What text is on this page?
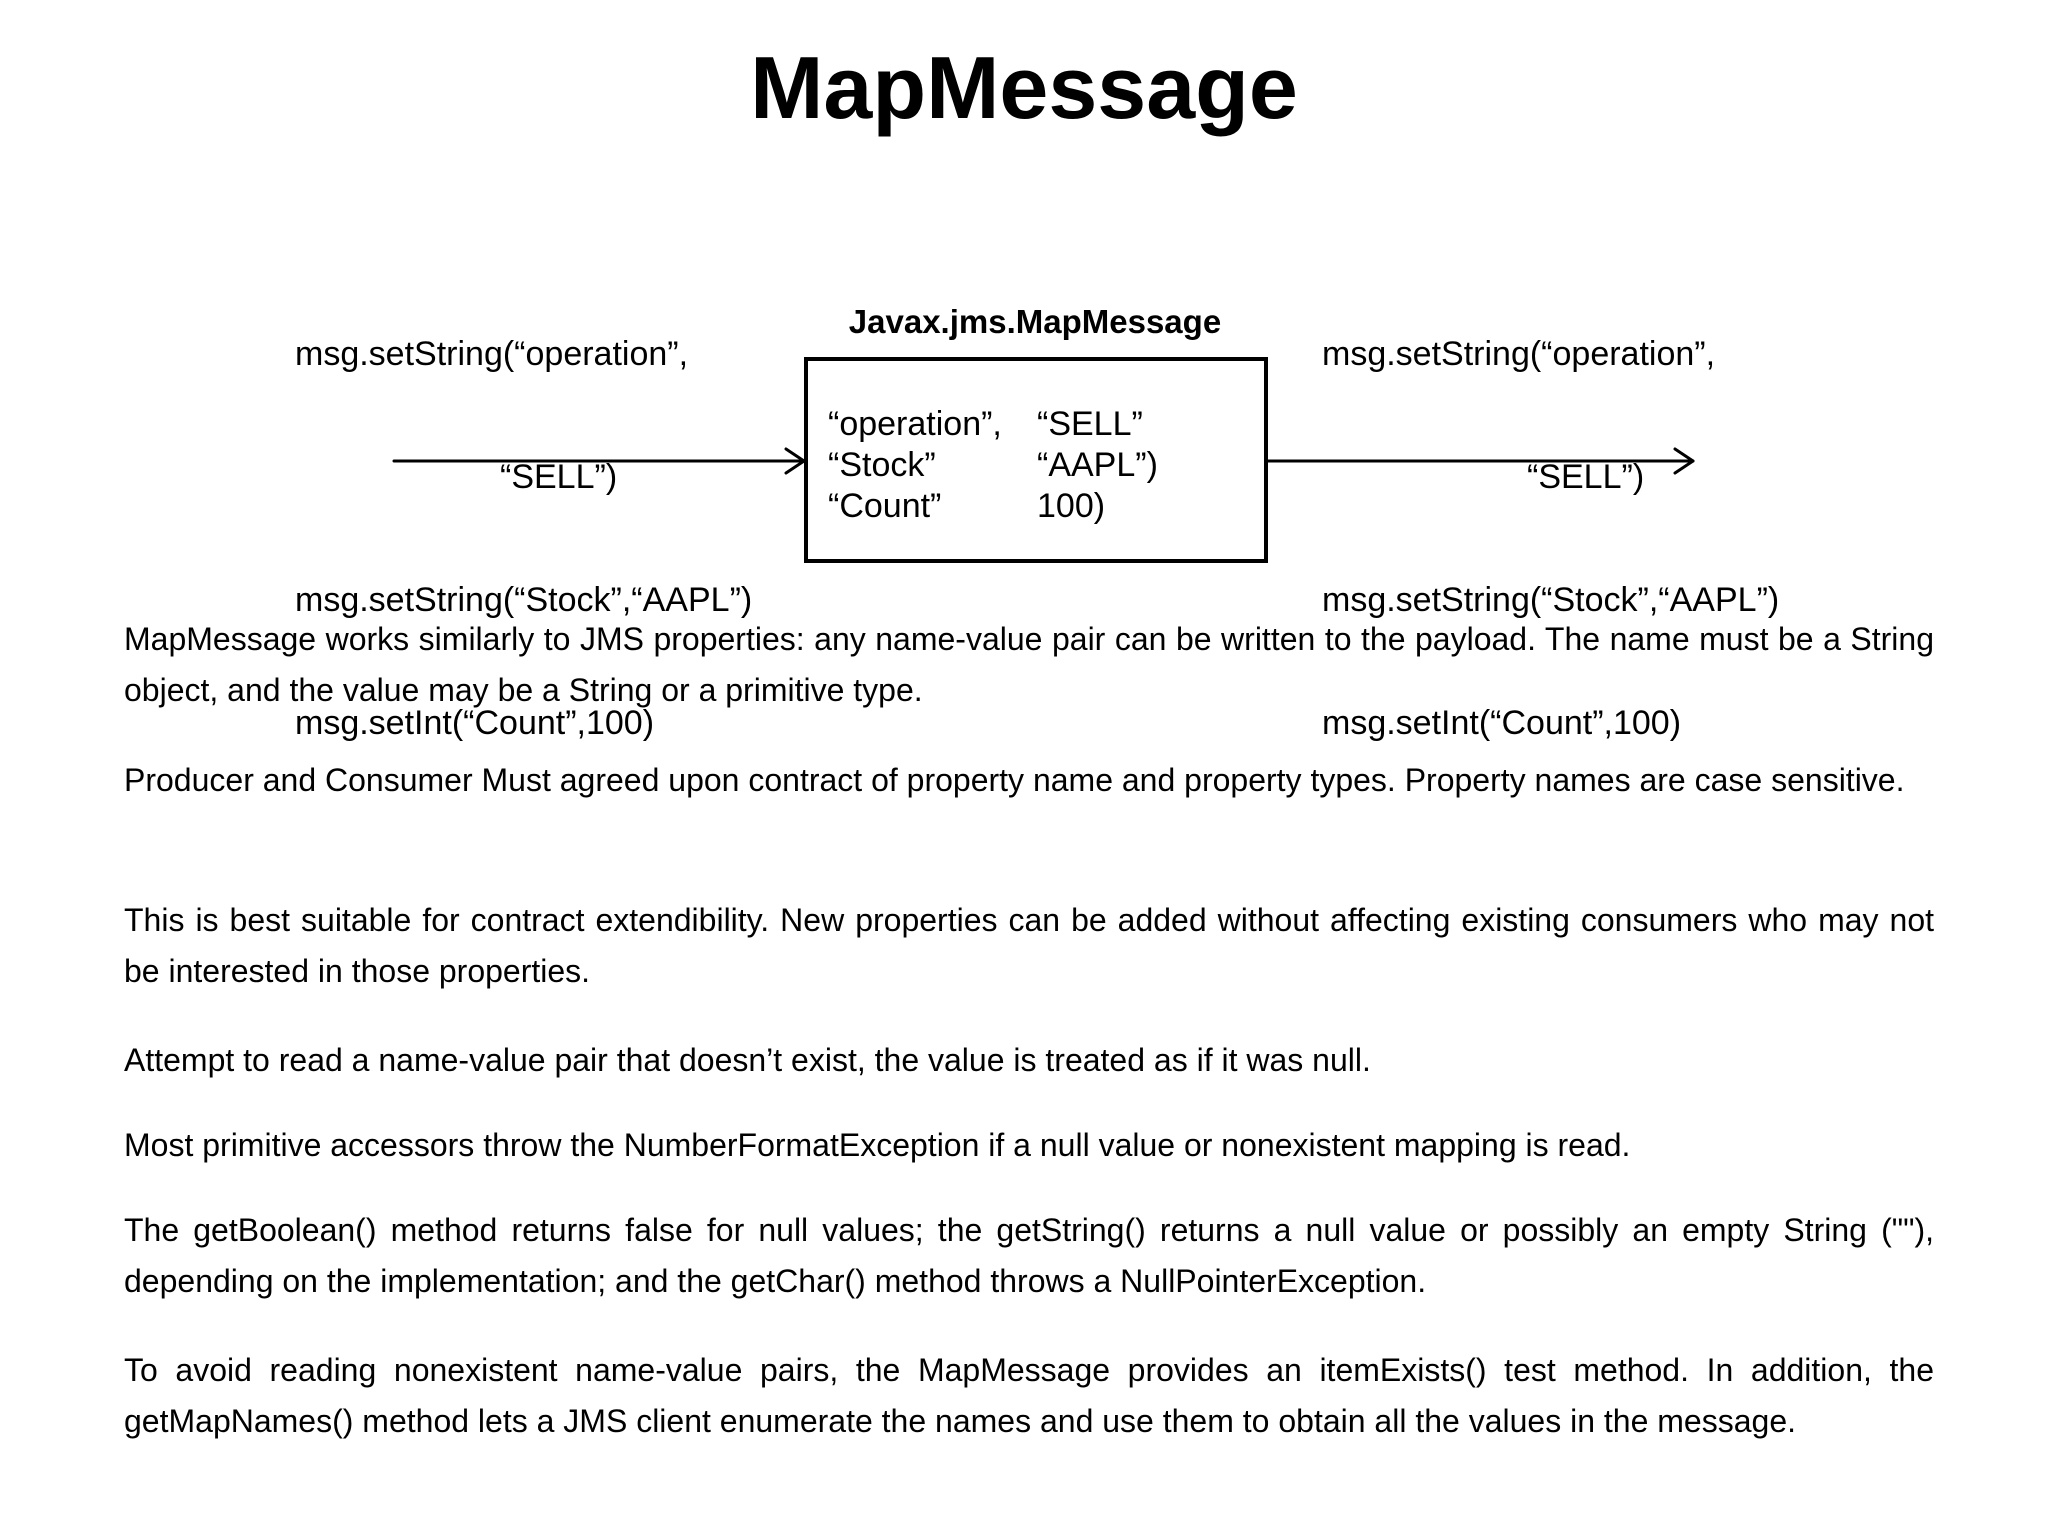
MapMessage

msg.setString(“operation”,

“SELL”)

msg.setString(“Stock”,“AAPL”)

msg.setInt(“Count”,100)

msg.setString(“operation”,

“SELL”)

msg.setString(“Stock”,“AAPL”)

msg.setInt(“Count”,100)

Javax.jms.MapMessage

“operation”,

“SELL”

“Stock”

	“AAPL”)

“Count”

	100)

MapMessage works similarly to JMS properties: any name-value pair can be written to the payload. The name must be a String object, and the value may be a String or a primitive type.
Producer and Consumer Must agreed upon contract of property name and property types. Property names are case sensitive.
This is best suitable for contract extendibility. New properties can be added without affecting existing consumers who may not be interested in those properties.
Attempt to read a name-value pair that doesn’t exist, the value is treated as if it was null.
Most primitive accessors throw the NumberFormatException if a null value or nonexistent mapping is read.
The getBoolean() method returns false for null values; the getString() returns a null value or possibly an empty String (""), depending on the implementation; and the getChar() method throws a NullPointerException.
To avoid reading nonexistent name-value pairs, the MapMessage provides an itemExists() test method. In addition, the getMapNames() method lets a JMS client enumerate the names and use them to obtain all the values in the message.
